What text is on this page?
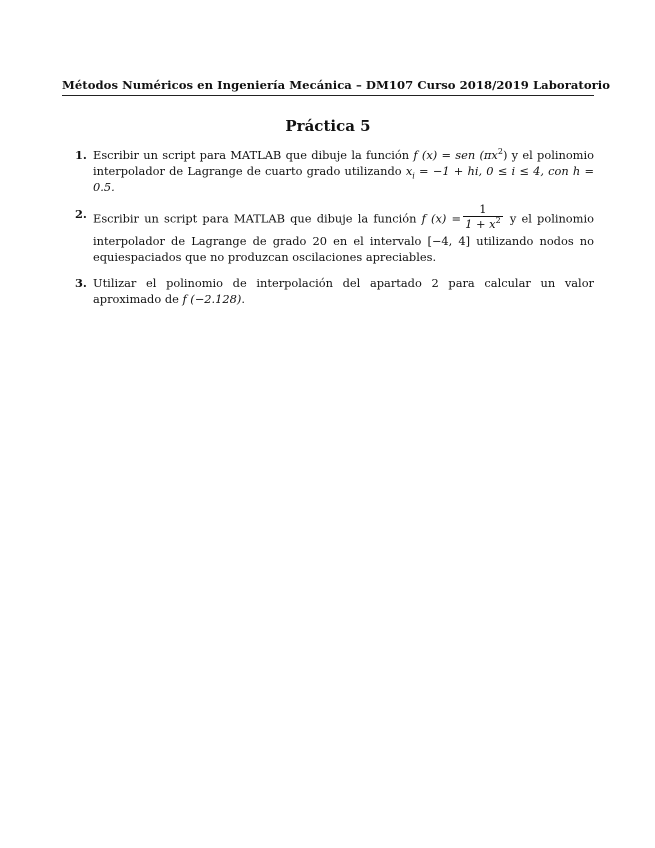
Métodos Numéricos en Ingeniería Mecánica – DM107 Curso 2018/2019 Laboratorio
Práctica 5
1. Escribir un script para MATLAB que dibuje la función f (x) = sen $(\pi x^2)$ y el polinomio interpolador de Lagrange de cuarto grado utilizando $x_i = -1$ + hi, 0 ≤ i ≤ 4, con h = 0.5.
2. Escribir un script para MATLAB que dibuje la función f $(x) = \frac{1}{1 + x^2}$ y el polinomio interpolador de Lagrange de grado 20 en el intervalo [−4, 4] utilizando nodos no equiespaciados que no produzcan oscilaciones apreciables.
3. Utilizar el polinomio de interpolación del apartado 2 para calcular un valor aproximado de f (−2.128).
